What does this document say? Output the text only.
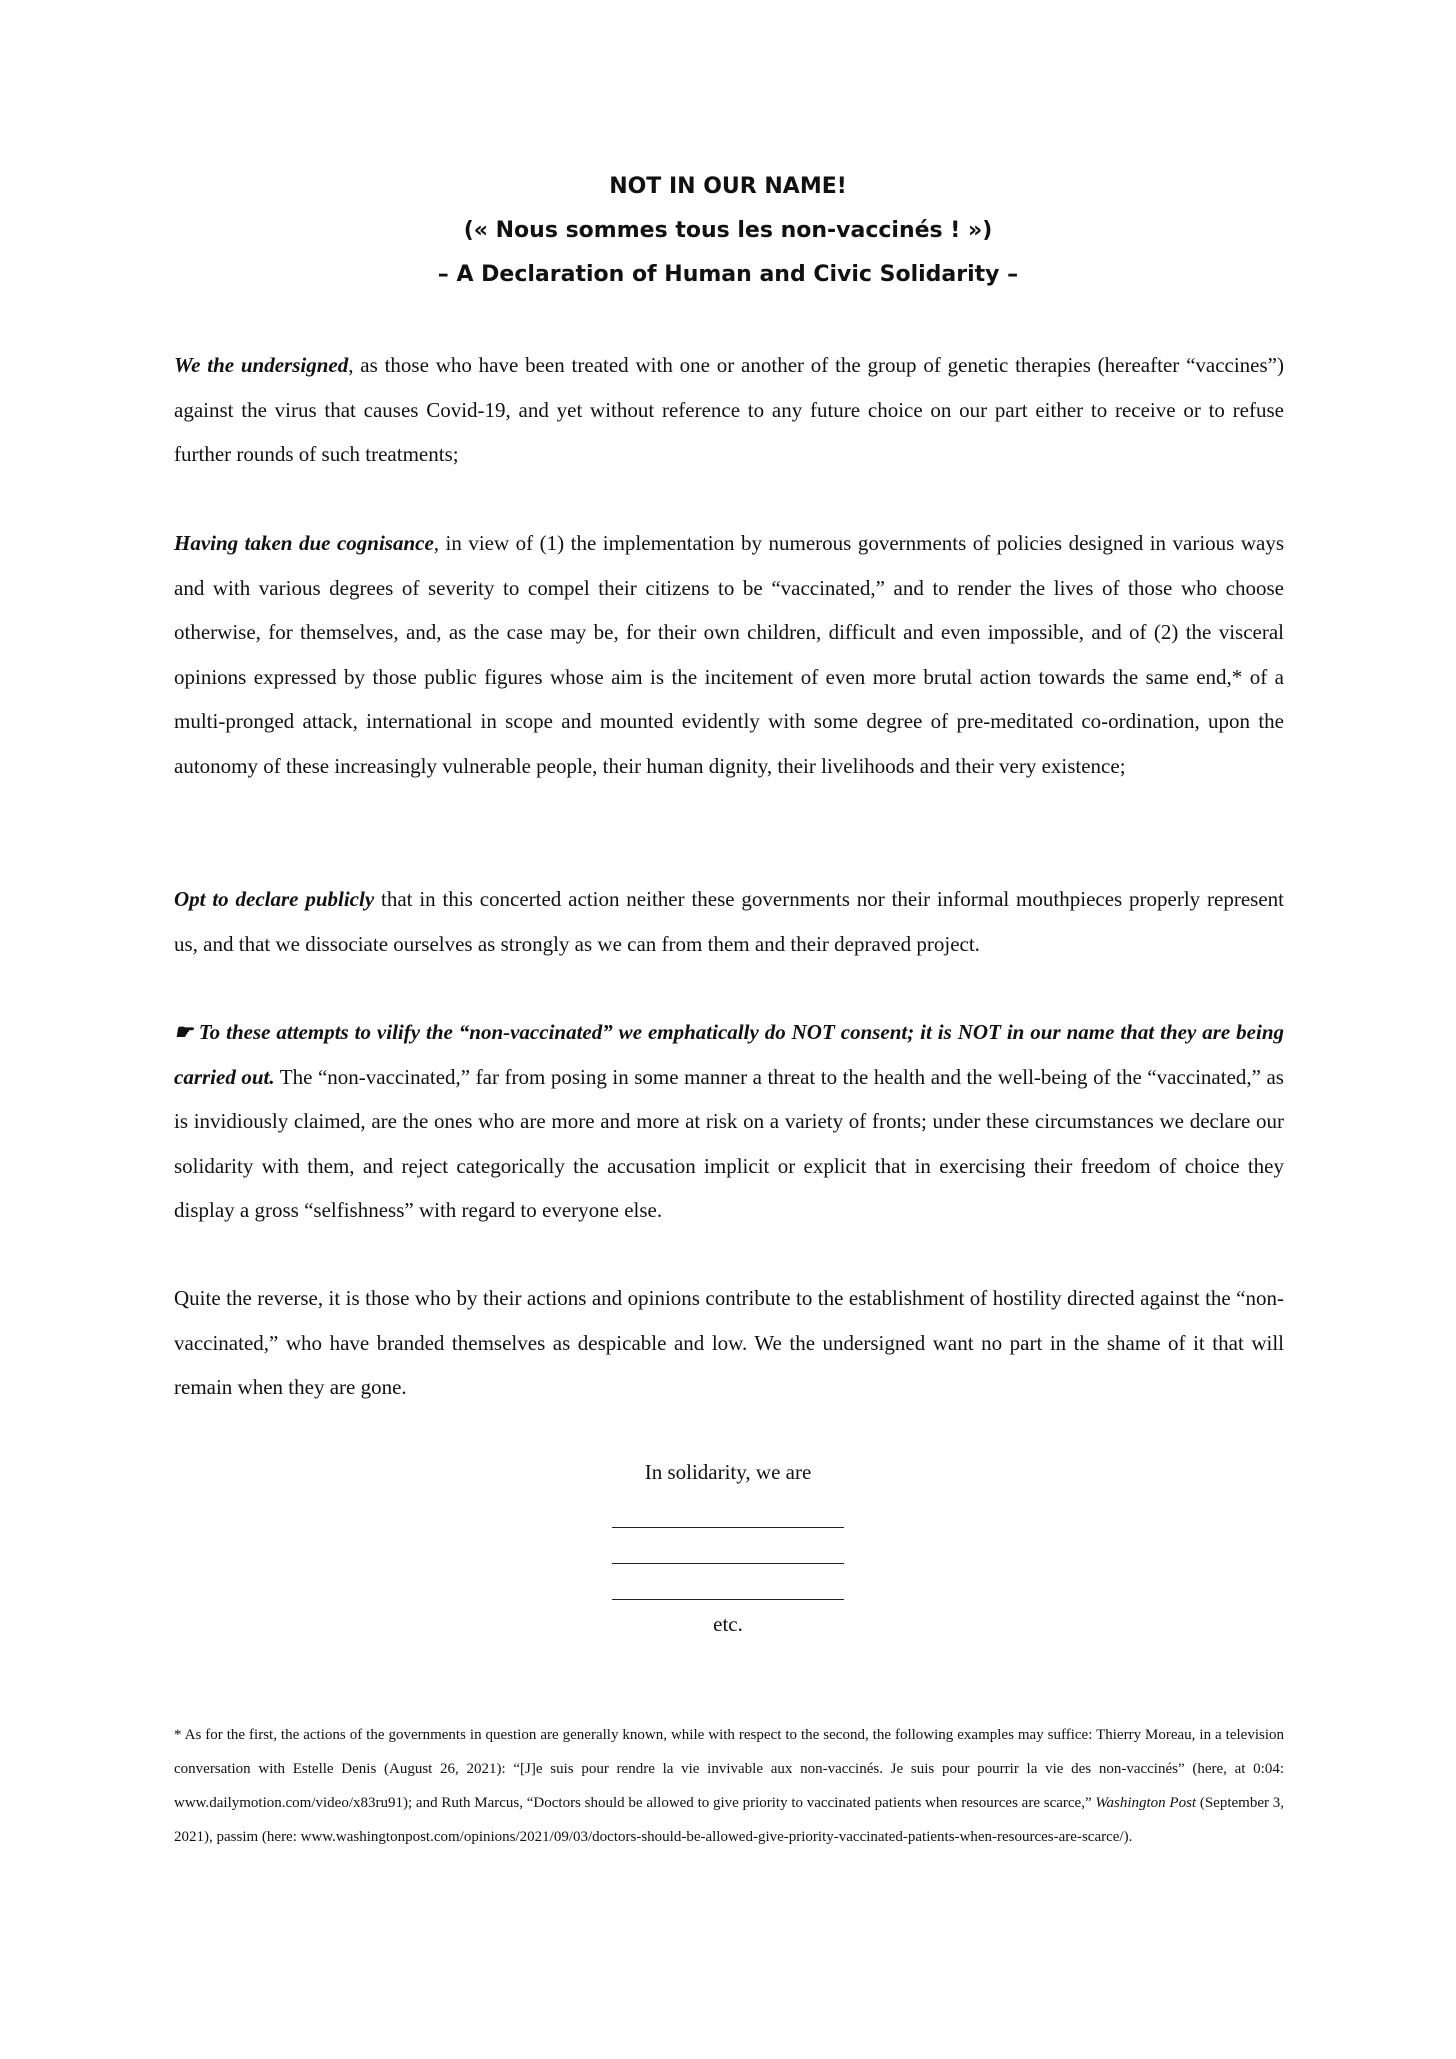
NOT IN OUR NAME!
(« Nous sommes tous les non-vaccinés ! »)
– A Declaration of Human and Civic Solidarity –

We the undersigned, as those who have been treated with one or another of the group of genetic therapies (hereafter “vaccines”) against the virus that causes Covid-19, and yet without reference to any future choice on our part either to receive or to refuse further rounds of such treatments;

Having taken due cognisance, in view of (1) the implementation by numerous governments of policies designed in various ways and with various degrees of severity to compel their citizens to be “vaccinated,” and to render the lives of those who choose otherwise, for themselves, and, as the case may be, for their own children, difficult and even impossible, and of (2) the visceral opinions expressed by those public figures whose aim is the incitement of even more brutal action towards the same end,* of a multi-pronged attack, international in scope and mounted evidently with some degree of pre-meditated co-ordination, upon the autonomy of these increasingly vulnerable people, their human dignity, their livelihoods and their very existence;

Opt to declare publicly that in this concerted action neither these governments nor their informal mouthpieces properly represent us, and that we dissociate ourselves as strongly as we can from them and their depraved project.

☛ To these attempts to vilify the “non-vaccinated” we emphatically do NOT consent; it is NOT in our name that they are being carried out. The “non-vaccinated,” far from posing in some manner a threat to the health and the well-being of the “vaccinated,” as is invidiously claimed, are the ones who are more and more at risk on a variety of fronts; under these circumstances we declare our solidarity with them, and reject categorically the accusation implicit or explicit that in exercising their freedom of choice they display a gross “selfishness” with regard to everyone else.

Quite the reverse, it is those who by their actions and opinions contribute to the establishment of hostility directed against the “non-vaccinated,” who have branded themselves as despicable and low. We the undersigned want no part in the shame of it that will remain when they are gone.

In solidarity, we are
etc.

* As for the first, the actions of the governments in question are generally known, while with respect to the second, the following examples may suffice: Thierry Moreau, in a television conversation with Estelle Denis (August 26, 2021): “[J]e suis pour rendre la vie invivable aux non-vaccinés. Je suis pour pourrir la vie des non-vaccinés” (here, at 0:04: www.dailymotion.com/video/x83ru91); and Ruth Marcus, “Doctors should be allowed to give priority to vaccinated patients when resources are scarce,” Washington Post (September 3, 2021), passim (here: www.washingtonpost.com/opinions/2021/09/03/doctors-should-be-allowed-give-priority-vaccinated-patients-when-resources-are-scarce/).
